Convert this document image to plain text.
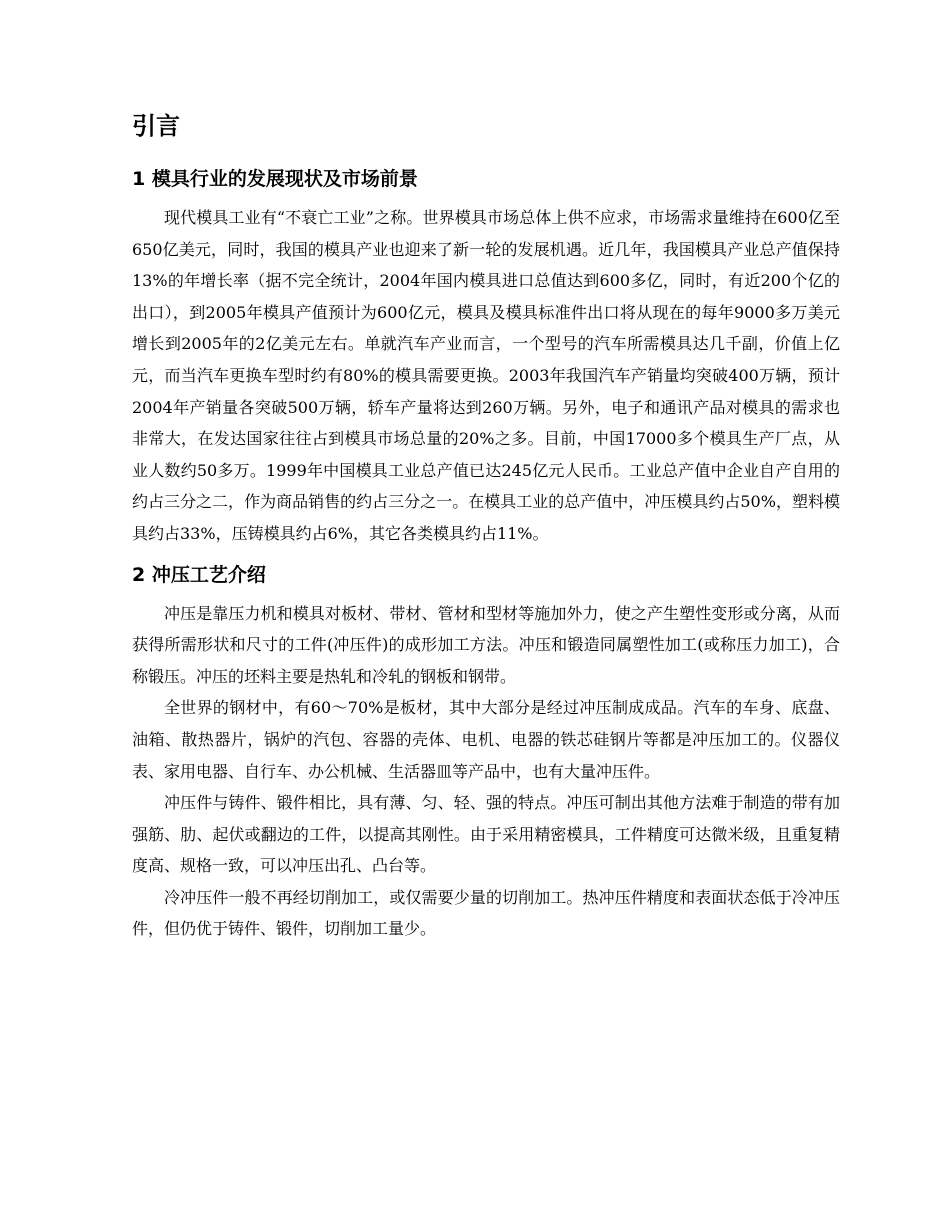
引言
1 模具行业的发展现状及市场前景

现代模具工业有“不衰亡工业”之称。世界模具市场总体上供不应求，市场需求量维持在600亿至650亿美元，同时，我国的模具产业也迎来了新一轮的发展机遇。近几年，我国模具产业总产值保持13%的年增长率（据不完全统计，2004年国内模具进口总值达到600多亿，同时，有近200个亿的出口），到2005年模具产值预计为600亿元，模具及模具标准件出口将从现在的每年9000多万美元增长到2005年的2亿美元左右。单就汽车产业而言，一个型号的汽车所需模具达几千副，价值上亿元，而当汽车更换车型时约有80%的模具需要更换。2003年我国汽车产销量均突破400万辆，预计2004年产销量各突破500万辆，轿车产量将达到260万辆。另外，电子和通讯产品对模具的需求也非常大，在发达国家往往占到模具市场总量的20%之多。目前，中国17000多个模具生产厂点，从业人数约50多万。1999年中国模具工业总产值已达245亿元人民币。工业总产值中企业自产自用的约占三分之二，作为商品销售的约占三分之一。在模具工业的总产值中，冲压模具约占50%，塑料模具约占33%，压铸模具约占6%，其它各类模具约占11%。

2 冲压工艺介绍

冲压是靠压力机和模具对板材、带材、管材和型材等施加外力，使之产生塑性变形或分离，从而获得所需形状和尺寸的工件(冲压件)的成形加工方法。冲压和锻造同属塑性加工(或称压力加工)，合称锻压。冲压的坯料主要是热轧和冷轧的钢板和钢带。

全世界的钢材中，有60～70%是板材，其中大部分是经过冲压制成成品。汽车的车身、底盘、油箱、散热器片，锅炉的汽包、容器的壳体、电机、电器的铁芯硅钢片等都是冲压加工的。仪器仪表、家用电器、自行车、办公机械、生活器皿等产品中，也有大量冲压件。

冲压件与铸件、锻件相比，具有薄、匀、轻、强的特点。冲压可制出其他方法难于制造的带有加强筋、肋、起伏或翻边的工件，以提高其刚性。由于采用精密模具，工件精度可达微米级，且重复精度高、规格一致，可以冲压出孔、凸台等。

冷冲压件一般不再经切削加工，或仅需要少量的切削加工。热冲压件精度和表面状态低于冷冲压件，但仍优于铸件、锻件，切削加工量少。
